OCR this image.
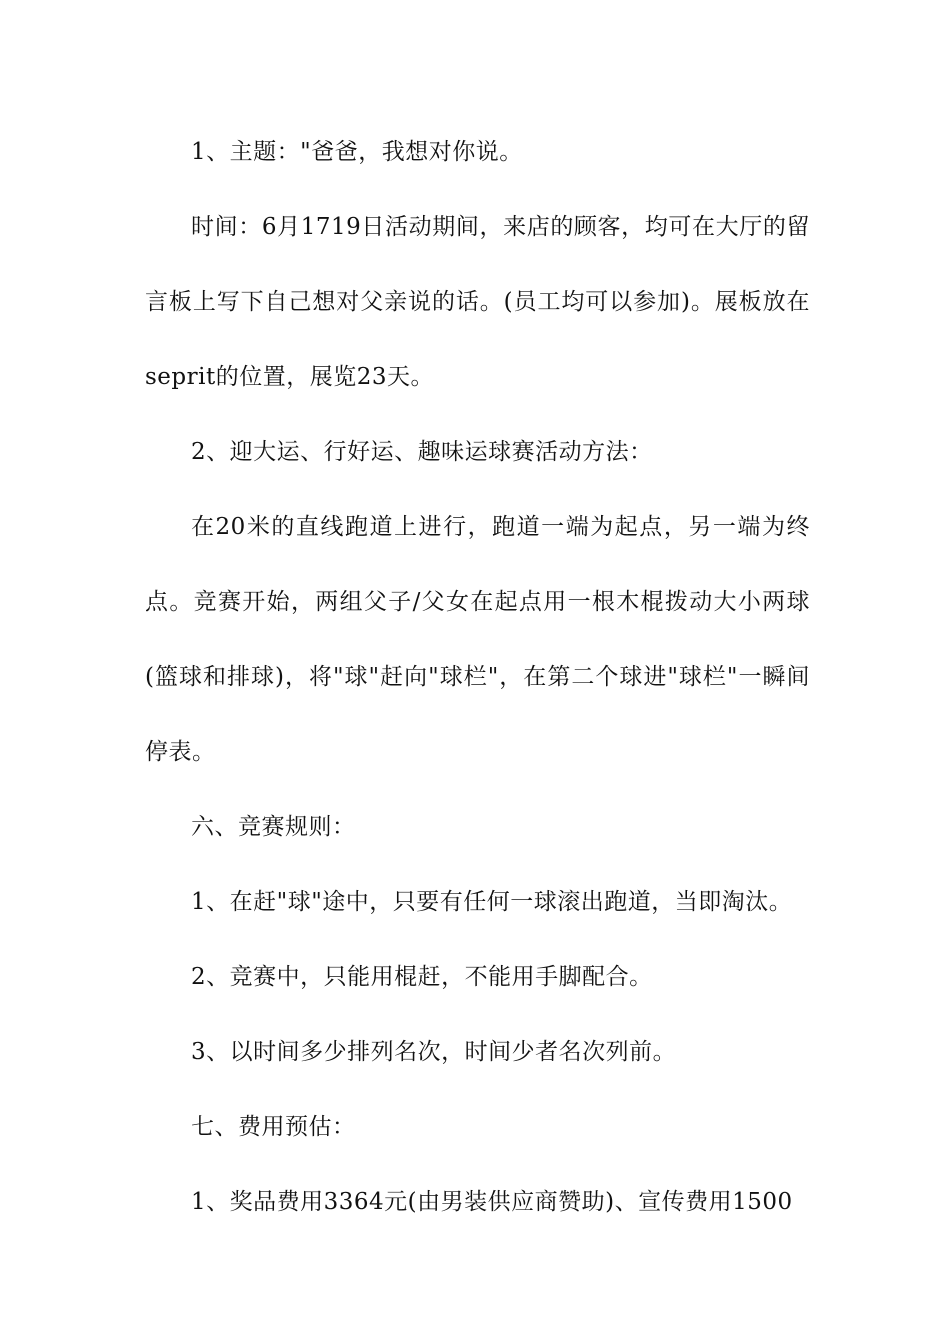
1、主题："爸爸，我想对你说。

时间：6月1719日活动期间，来店的顾客，均可在大厅的留言板上写下自己想对父亲说的话。(员工均可以参加)。展板放在seprit的位置，展览23天。

2、迎大运、行好运、趣味运球赛活动方法：

在20米的直线跑道上进行，跑道一端为起点，另一端为终点。竞赛开始，两组父子/父女在起点用一根木棍拨动大小两球(篮球和排球)，将"球"赶向"球栏"，在第二个球进"球栏"一瞬间停表。

六、竞赛规则：

1、在赶"球"途中，只要有任何一球滚出跑道，当即淘汰。

2、竞赛中，只能用棍赶，不能用手脚配合。

3、以时间多少排列名次，时间少者名次列前。

七、费用预估：

1、奖品费用3364元(由男装供应商赞助)、宣传费用1500
